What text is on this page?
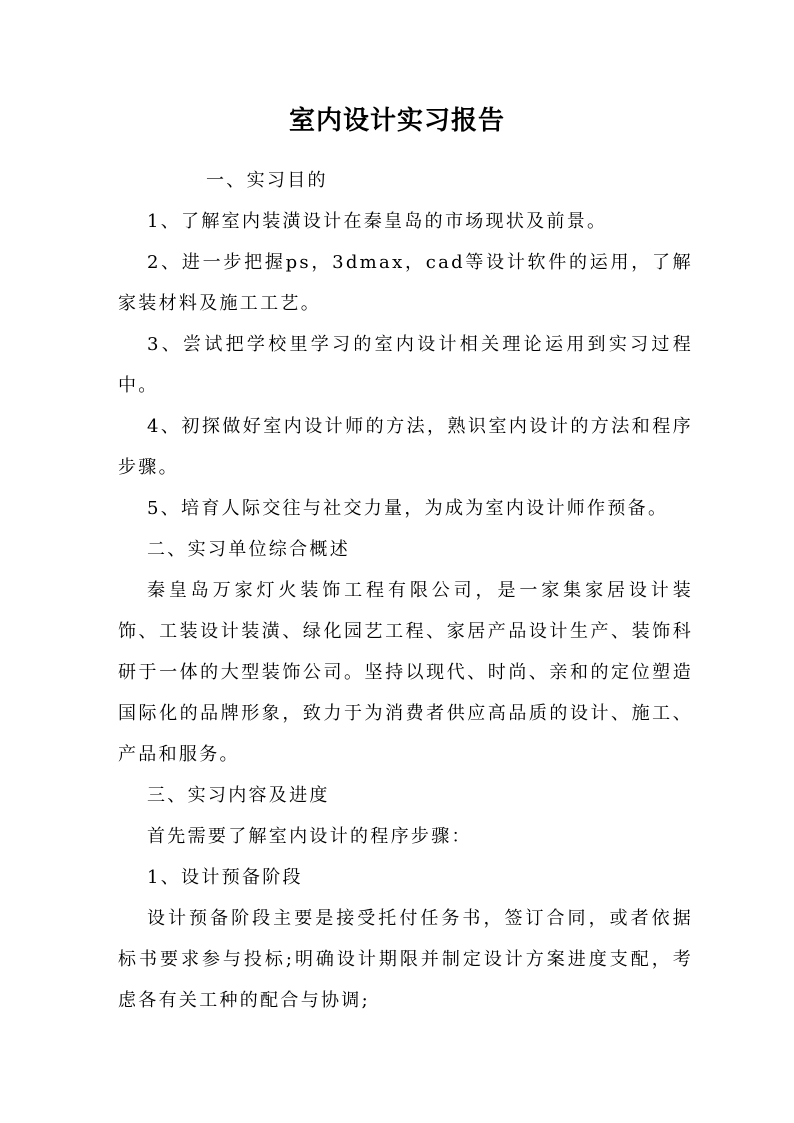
室内设计实习报告

一、实习目的

1、了解室内装潢设计在秦皇岛的市场现状及前景。

2、进一步把握ps，3dmax，cad等设计软件的运用，了解家装材料及施工工艺。

3、尝试把学校里学习的室内设计相关理论运用到实习过程中。

4、初探做好室内设计师的方法，熟识室内设计的方法和程序步骤。

5、培育人际交往与社交力量，为成为室内设计师作预备。

二、实习单位综合概述

秦皇岛万家灯火装饰工程有限公司，是一家集家居设计装饰、工装设计装潢、绿化园艺工程、家居产品设计生产、装饰科研于一体的大型装饰公司。坚持以现代、时尚、亲和的定位塑造国际化的品牌形象，致力于为消费者供应高品质的设计、施工、产品和服务。

三、实习内容及进度

首先需要了解室内设计的程序步骤：

1、设计预备阶段

设计预备阶段主要是接受托付任务书，签订合同，或者依据标书要求参与投标;明确设计期限并制定设计方案进度支配，考虑各有关工种的配合与协调;
